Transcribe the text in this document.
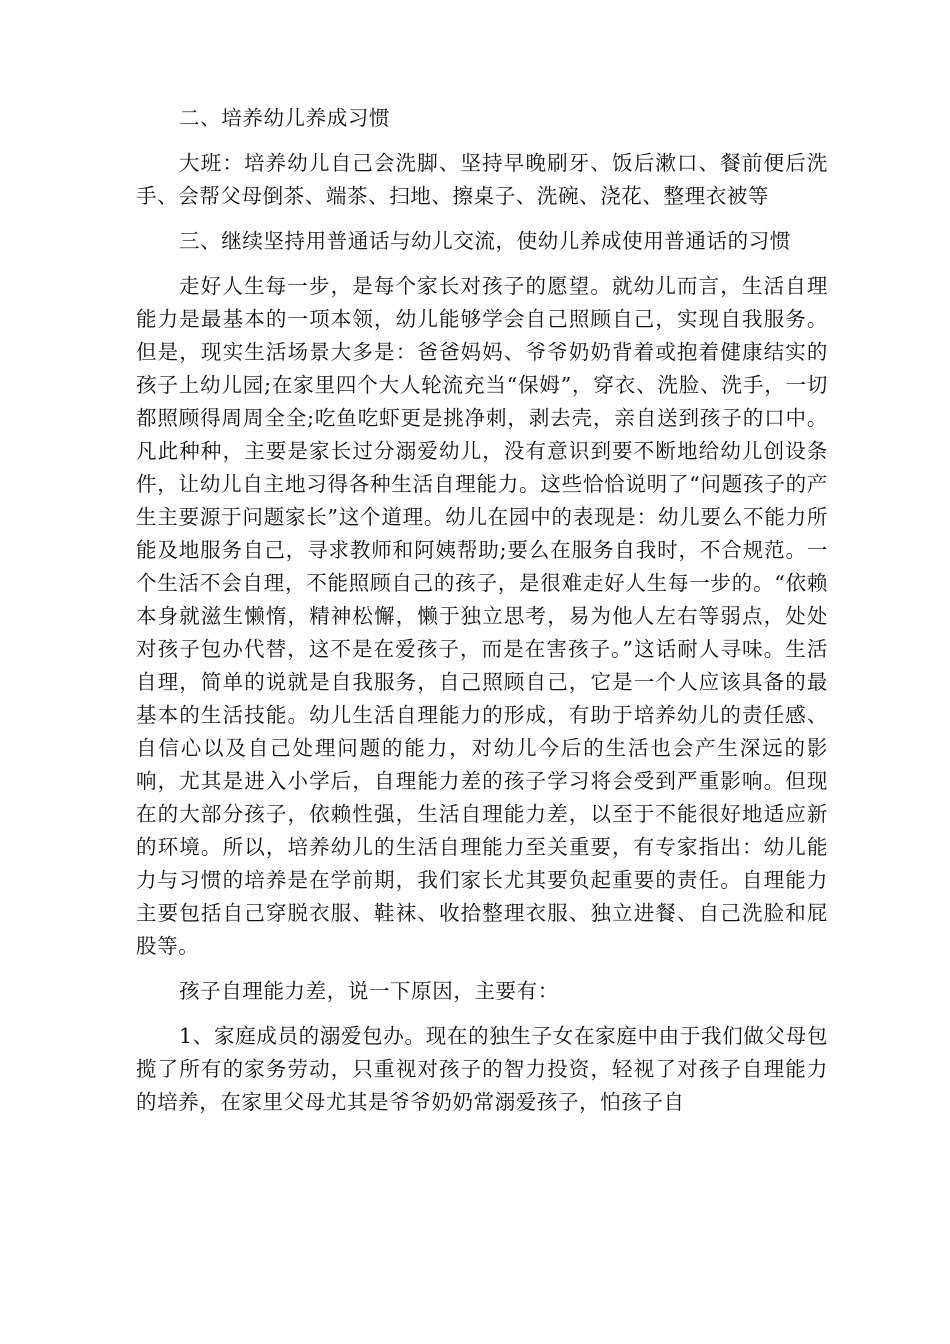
二、培养幼儿养成习惯

大班：培养幼儿自己会洗脚、坚持早晚刷牙、饭后漱口、餐前便后洗手、会帮父母倒茶、端茶、扫地、擦桌子、洗碗、浇花、整理衣被等

三、继续坚持用普通话与幼儿交流，使幼儿养成使用普通话的习惯

走好人生每一步，是每个家长对孩子的愿望。就幼儿而言，生活自理能力是最基本的一项本领，幼儿能够学会自己照顾自己，实现自我服务。但是，现实生活场景大多是：爸爸妈妈、爷爷奶奶背着或抱着健康结实的孩子上幼儿园;在家里四个大人轮流充当“保姆”，穿衣、洗脸、洗手，一切都照顾得周周全全;吃鱼吃虾更是挑净刺，剥去壳，亲自送到孩子的口中。凡此种种，主要是家长过分溺爱幼儿，没有意识到要不断地给幼儿创设条件，让幼儿自主地习得各种生活自理能力。这些恰恰说明了“问题孩子的产生主要源于问题家长”这个道理。幼儿在园中的表现是：幼儿要么不能力所能及地服务自己，寻求教师和阿姨帮助;要么在服务自我时，不合规范。一个生活不会自理，不能照顾自己的孩子，是很难走好人生每一步的。“依赖本身就滋生懒惰，精神松懈，懒于独立思考，易为他人左右等弱点，处处对孩子包办代替，这不是在爱孩子，而是在害孩子。”这话耐人寻味。生活自理，简单的说就是自我服务，自己照顾自己，它是一个人应该具备的最基本的生活技能。幼儿生活自理能力的形成，有助于培养幼儿的责任感、自信心以及自己处理问题的能力，对幼儿今后的生活也会产生深远的影响，尤其是进入小学后，自理能力差的孩子学习将会受到严重影响。但现在的大部分孩子，依赖性强，生活自理能力差，以至于不能很好地适应新的环境。所以，培养幼儿的生活自理能力至关重要，有专家指出：幼儿能力与习惯的培养是在学前期，我们家长尤其要负起重要的责任。自理能力主要包括自己穿脱衣服、鞋袜、收拾整理衣服、独立进餐、自己洗脸和屁股等。

孩子自理能力差，说一下原因，主要有：

1、家庭成员的溺爱包办。现在的独生子女在家庭中由于我们做父母包揽了所有的家务劳动，只重视对孩子的智力投资，轻视了对孩子自理能力的培养，在家里父母尤其是爷爷奶奶常溺爱孩子，怕孩子自
